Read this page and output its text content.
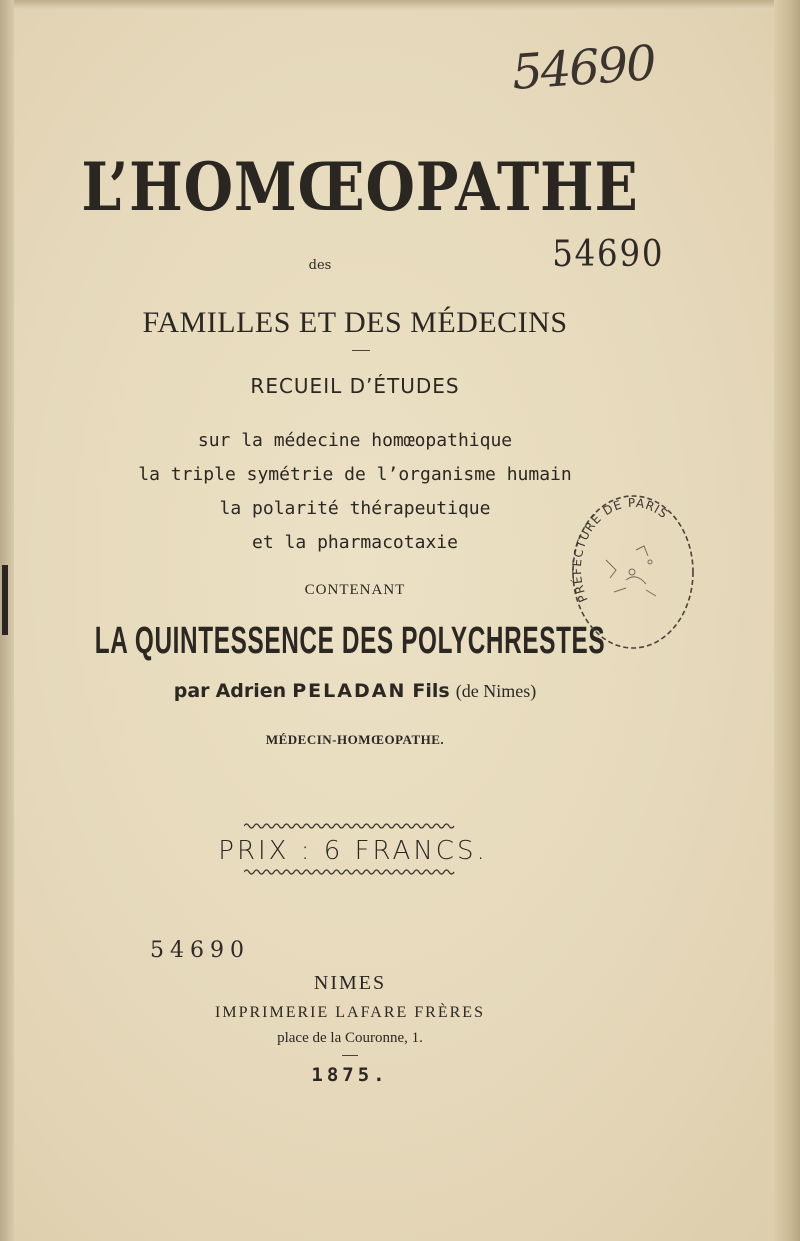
54690
L’HOMŒOPATHE
des	54690
FAMILLES ET DES MÉDECINS
RECUEIL D’ÉTUDES
sur la médecine homœopathique
la triple symétrie de l’organisme humain
la polarité thérapeutique
et la pharmacotaxie
CONTENANT
LA QUINTESSENCE DES POLYCHRESTES
par Adrien PELADAN Fils (de Nimes)
MÉDECIN-HOMŒOPATHE.
PRIX : 6 FRANCS.
54690
NIMES
IMPRIMERIE LAFARE FRÈRES
place de la Couronne, 1.
1875.
PRÉFECTURE DE PARIS
